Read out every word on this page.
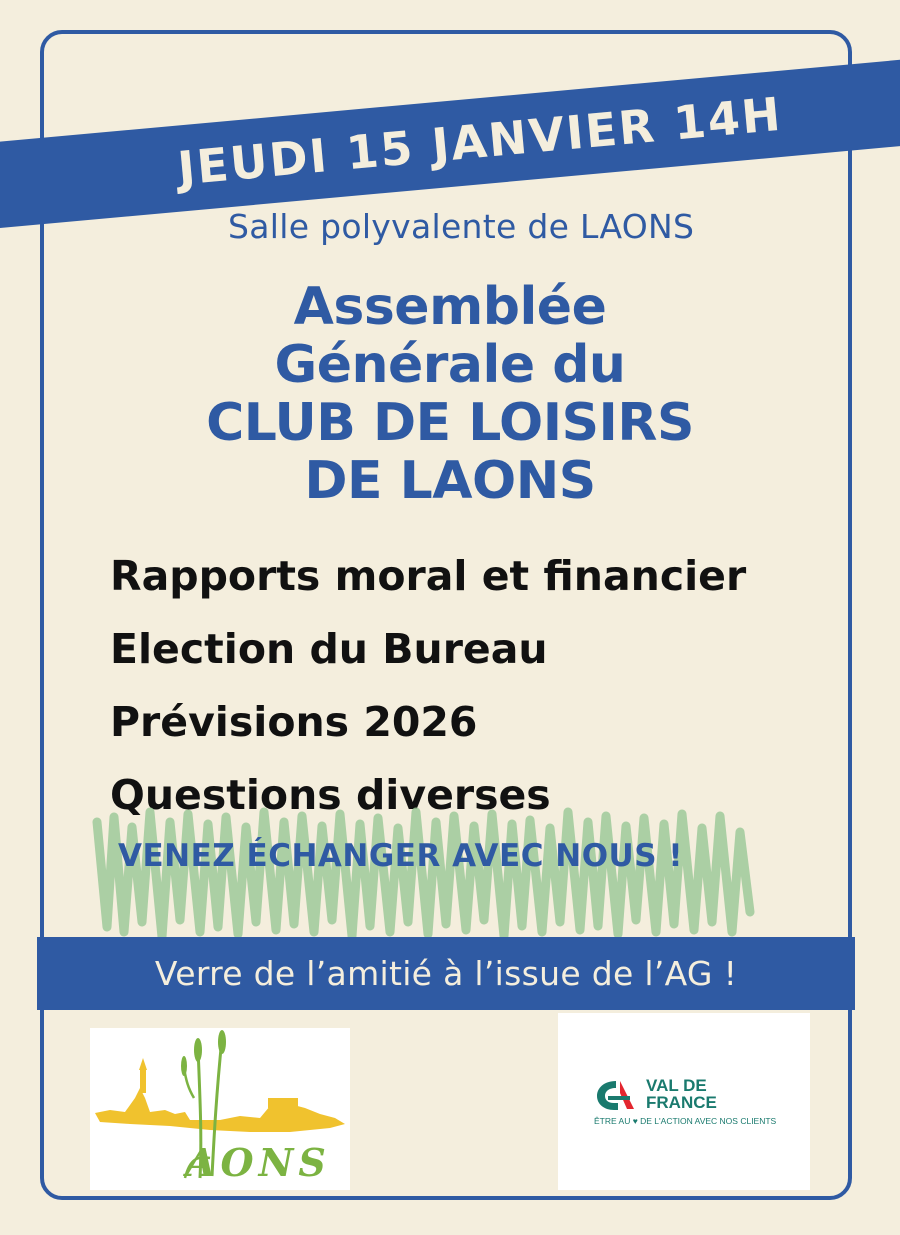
JEUDI 15 JANVIER 14H
Salle polyvalente de LAONS
Assemblée
Générale du
CLUB DE LOISIRS
DE LAONS
Rapports moral et financier
Election du Bureau
Prévisions 2026
Questions diverses
VENEZ ÉCHANGER AVEC NOUS !
Verre de l’amitié à l’issue de l’AG !
AONS
VAL DE
FRANCE
ÊTRE AU ♥ DE L'ACTION AVEC NOS CLIENTS
